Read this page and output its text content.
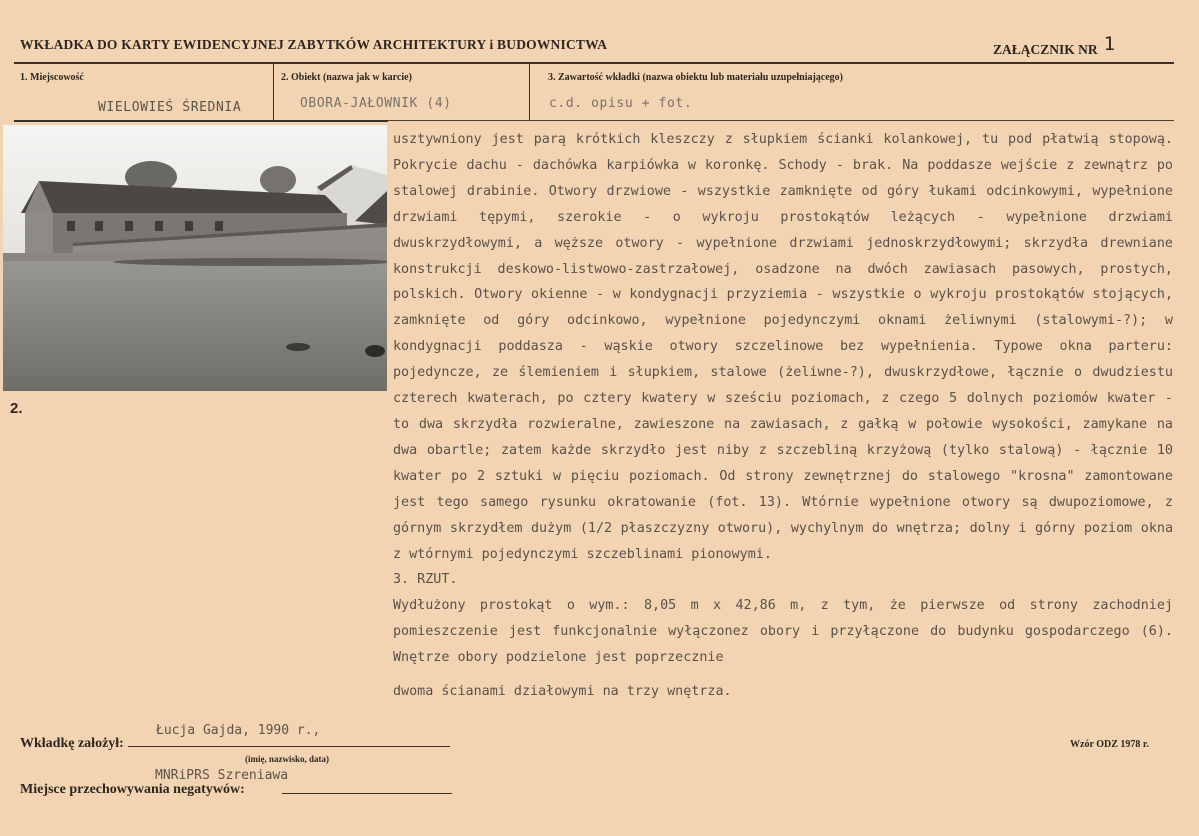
WKŁADKA DO KARTY EWIDENCYJNEJ ZABYTKÓW ARCHITEKTURY i BUDOWNICTWA	ZAŁĄCZNIK NR 1
1. Miejscowość
WIELOWIEŚ ŚREDNIA
2. Obiekt (nazwa jak w karcie)
OBORA-JAŁOWNIK (4)
3. Zawartość wkładki (nazwa obiektu lub materiału uzupełniającego)
c.d. opisu + fot.
2.

usztywniony jest parą krótkich kleszczy z słupkiem ścianki kolankowej, tu pod płatwią stopową. Pokrycie dachu - dachówka karpiówka w koronkę. Schody - brak. Na poddasze wejście z zewnątrz po stalowej drabinie. Otwory drzwiowe - wszystkie zamknięte od góry łukami odcinkowymi, wypełnione drzwiami tępymi, szerokie - o wykroju prostokątów leżących - wypełnione drzwiami dwuskrzydłowymi, a węższe otwory - wypełnione drzwiami jednoskrzydłowymi; skrzydła drewniane konstrukcji deskowo-listwowo-zastrzałowej, osadzone na dwóch zawiasach pasowych, prostych, polskich. Otwory okienne - w kondygnacji przyziemia - wszystkie o wykroju prostokątów stojących, zamknięte od góry odcinkowo, wypełnione pojedynczymi oknami żeliwnymi (stalowymi-?); w kondygnacji poddasza - wąskie otwory szczelinowe bez wypełnienia. Typowe okna parteru: pojedyncze, ze ślemieniem i słupkiem, stalowe (żeliwne-?), dwuskrzydłowe, łącznie o dwudziestu czterech kwaterach, po cztery kwatery w sześciu poziomach, z czego 5 dolnych poziomów kwater - to dwa skrzydła rozwieralne, zawieszone na zawiasach, z gałką w połowie wysokości, zamykane na dwa obartle; zatem każde skrzydło jest niby z szczebliną krzyżową (tylko stalową) - łącznie 10 kwater po 2 sztuki w pięciu poziomach. Od strony zewnętrznej do stalowego "krosna" zamontowane jest tego samego rysunku okratowanie (fot. 13). Wtórnie wypełnione otwory są dwupoziomowe, z górnym skrzydłem dużym (1/2 płaszczyzny otworu), wychylnym do wnętrza; dolny i górny poziom okna z wtórnymi pojedynczymi szczeblinami pionowymi.

3. RZUT.

Wydłużony prostokąt o wym.: 8,05 m x 42,86 m, z tym, że pierwsze od strony zachodniej pomieszczenie jest funkcjonalnie wyłączonez obory i przyłączone do budynku gospodarczego (6). Wnętrze obory podzielone jest poprzecznie

dwoma ścianami działowymi na trzy wnętrza.

Wkładkę założył:
Łucja Gajda, 1990 r.,
(imię, nazwisko, data)
MNRiPRS Szreniawa
Miejsce przechowywania negatywów:
Wzór ODZ 1978 r.
